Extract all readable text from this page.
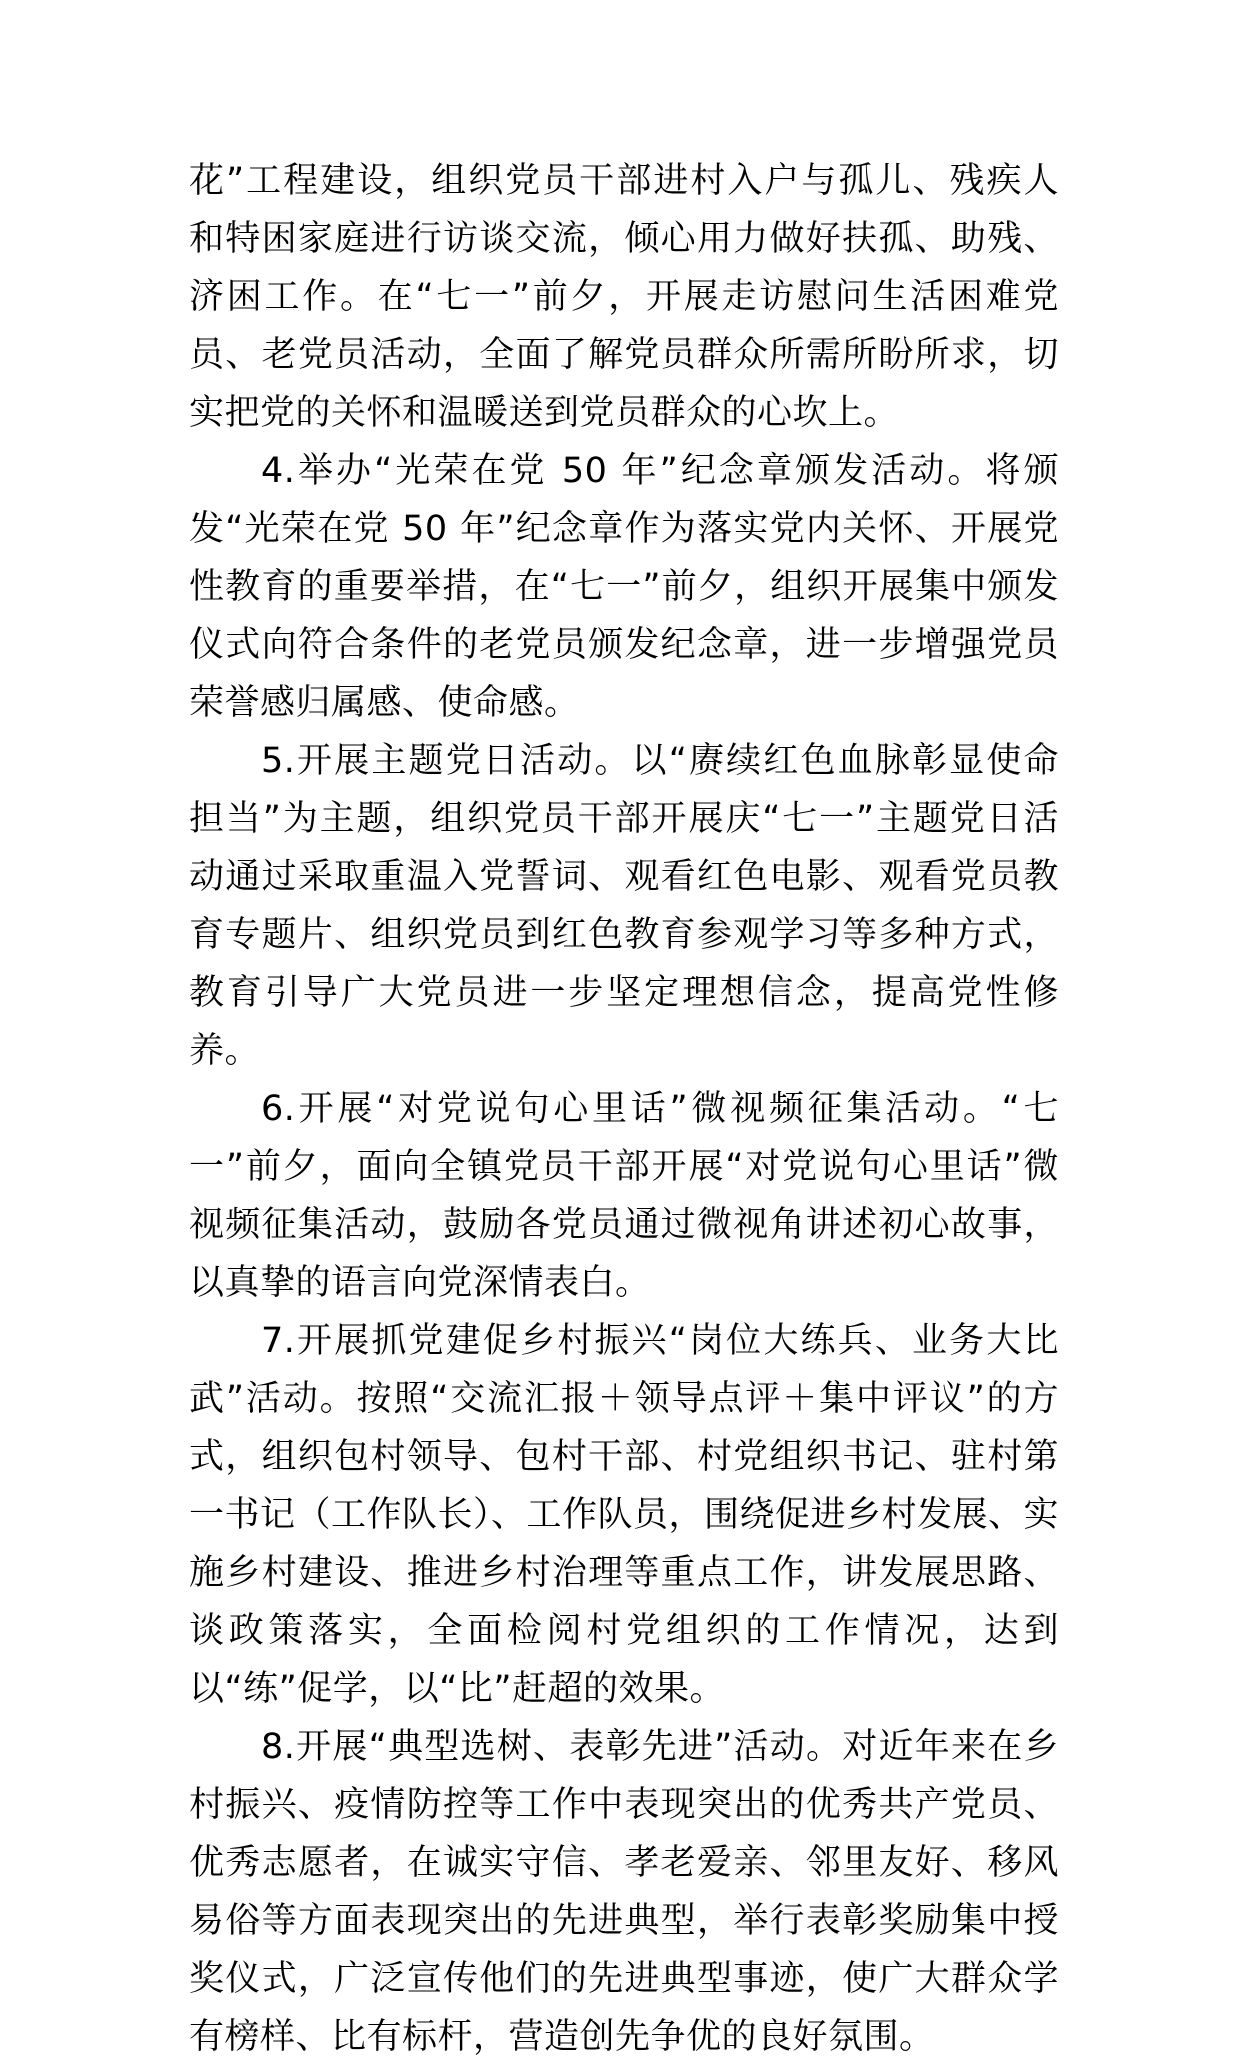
花”工程建设，组织党员干部进村入户与孤儿、残疾人和特困家庭进行访谈交流，倾心用力做好扶孤、助残、济困工作。在“七一”前夕，开展走访慰问生活困难党员、老党员活动，全面了解党员群众所需所盼所求，切实把党的关怀和温暖送到党员群众的心坎上。

4.举办“光荣在党 50 年”纪念章颁发活动。将颁发“光荣在党 50 年”纪念章作为落实党内关怀、开展党性教育的重要举措，在“七一”前夕，组织开展集中颁发仪式向符合条件的老党员颁发纪念章，进一步增强党员荣誉感归属感、使命感。

5.开展主题党日活动。以“赓续红色血脉彰显使命担当”为主题，组织党员干部开展庆“七一”主题党日活动通过采取重温入党誓词、观看红色电影、观看党员教育专题片、组织党员到红色教育参观学习等多种方式，教育引导广大党员进一步坚定理想信念，提高党性修养。

6.开展“对党说句心里话”微视频征集活动。“七一”前夕，面向全镇党员干部开展“对党说句心里话”微视频征集活动，鼓励各党员通过微视角讲述初心故事，以真挚的语言向党深情表白。

7.开展抓党建促乡村振兴“岗位大练兵、业务大比武”活动。按照“交流汇报＋领导点评＋集中评议”的方式，组织包村领导、包村干部、村党组织书记、驻村第一书记（工作队长）、工作队员，围绕促进乡村发展、实施乡村建设、推进乡村治理等重点工作，讲发展思路、谈政策落实，全面检阅村党组织的工作情况，达到以“练”促学，以“比”赶超的效果。

8.开展“典型选树、表彰先进”活动。对近年来在乡村振兴、疫情防控等工作中表现突出的优秀共产党员、优秀志愿者，在诚实守信、孝老爱亲、邻里友好、移风易俗等方面表现突出的先进典型，举行表彰奖励集中授奖仪式，广泛宣传他们的先进典型事迹，使广大群众学有榜样、比有标杆，营造创先争优的良好氛围。
